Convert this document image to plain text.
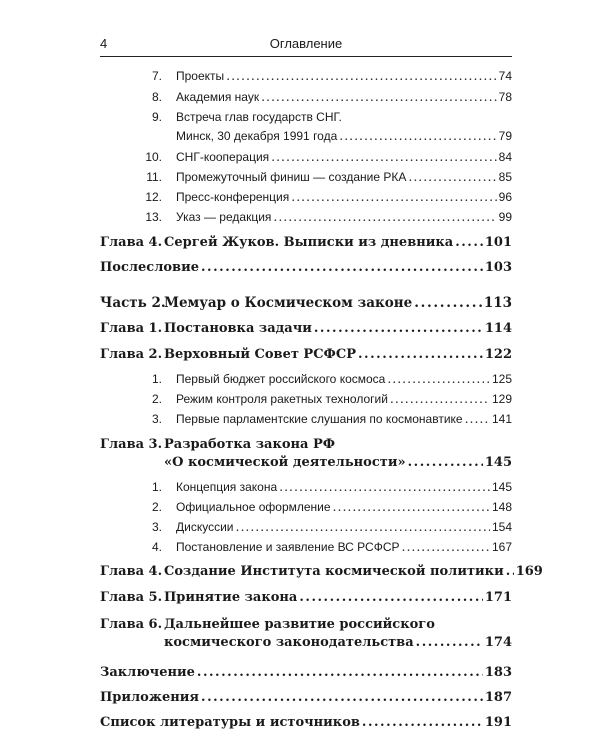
4	Оглавление
7.	Проекты . . .	74
8.	Академия наук . . .	78
9.	Встреча глав государств СНГ.
Минск, 30 декабря 1991 года . . .	79
10.	СНГ-кооперация . . .	84
11.	Промежуточный финиш — создание РКА . . .	85
12.	Пресс-конференция . . .	96
13.	Указ — редакция . . .	99
Глава 4. Сергей Жуков. Выписки из дневника . . . 101
Послесловие . . .	103
Часть 2.
Мемуар о Космическом законе . . .	113
Глава 1. Постановка задачи . . .	114
Глава 2. Верховный Совет РСФСР . . .	122
1.	Первый бюджет российского космоса . . .	125
2.	Режим контроля ракетных технологий . . .	129
3.	Первые парламентские слушания по космонавтике . . . 141
Глава 3. Разработка закона РФ
«О космической деятельности» . . .	145
1.	Концепция закона . . .	145
2.	Официальное оформление . . .	148
3.	Дискуссии . . .	154
4.	Постановление и заявление ВС РСФСР . . .	167
Глава 4. Создание Института космической политики . . . 169
Глава 5. Принятие закона . . .	171
Глава 6. Дальнейшее развитие российского
космического законодательства . . .	174
Заключение . . .	183
Приложения . . .	187
Список литературы и источников . . .	191
